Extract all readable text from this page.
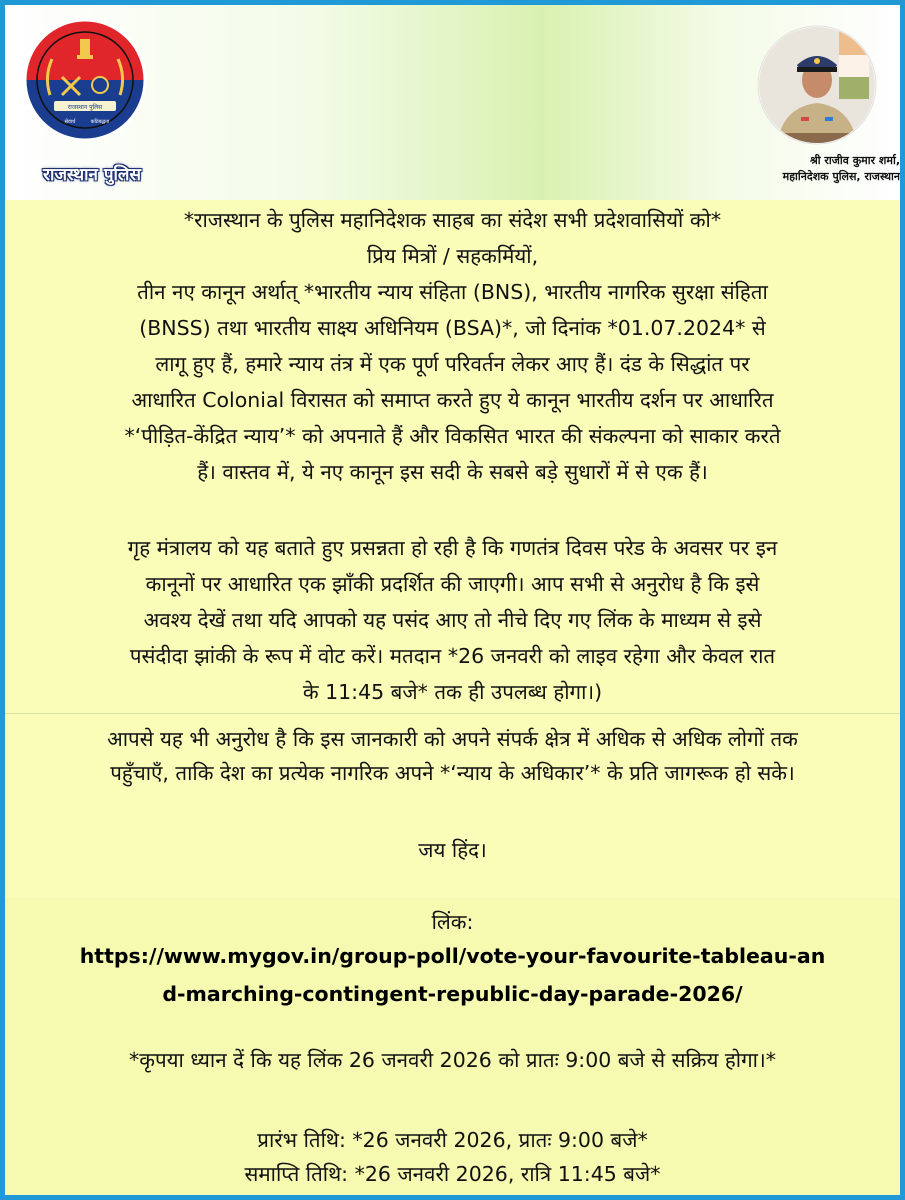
राजस्थान पुलिस
सेवार्थ	कटिबद्धता
राजस्थान पुलिस
श्री राजीव कुमार शर्मा,
महानिदेशक पुलिस, राजस्थान

*राजस्थान के पुलिस महानिदेशक साहब का संदेश सभी प्रदेशवासियों को*

प्रिय मित्रों / सहकर्मियों,

तीन नए कानून अर्थात् *भारतीय न्याय संहिता (BNS), भारतीय नागरिक सुरक्षा संहिता

(BNSS) तथा भारतीय साक्ष्य अधिनियम (BSA)*, जो दिनांक *01.07.2024* से

लागू हुए हैं, हमारे न्याय तंत्र में एक पूर्ण परिवर्तन लेकर आए हैं। दंड के सिद्धांत पर

आधारित Colonial विरासत को समाप्त करते हुए ये कानून भारतीय दर्शन पर आधारित

*‘पीड़ित-केंद्रित न्याय’* को अपनाते हैं और विकसित भारत की संकल्पना को साकार करते

हैं। वास्तव में, ये नए कानून इस सदी के सबसे बड़े सुधारों में से एक हैं।

गृह मंत्रालय को यह बताते हुए प्रसन्नता हो रही है कि गणतंत्र दिवस परेड के अवसर पर इन

कानूनों पर आधारित एक झाँकी प्रदर्शित की जाएगी। आप सभी से अनुरोध है कि इसे

अवश्य देखें तथा यदि आपको यह पसंद आए तो नीचे दिए गए लिंक के माध्यम से इसे

पसंदीदा झांकी के रूप में वोट करें। मतदान *26 जनवरी को लाइव रहेगा और केवल रात

के 11:45 बजे* तक ही उपलब्ध होगा।)

आपसे यह भी अनुरोध है कि इस जानकारी को अपने संपर्क क्षेत्र में अधिक से अधिक लोगों तक

पहुँचाएँ, ताकि देश का प्रत्येक नागरिक अपने *‘न्याय के अधिकार’* के प्रति जागरूक हो सके।

जय हिंद।
लिंक:
https://www.mygov.in/group-poll/vote-your-favourite-tableau-an
d-marching-contingent-republic-day-parade-2026/
*कृपया ध्यान दें कि यह लिंक 26 जनवरी 2026 को प्रातः 9:00 बजे से सक्रिय होगा।*
प्रारंभ तिथि: *26 जनवरी 2026, प्रातः 9:00 बजे*
समाप्ति तिथि: *26 जनवरी 2026, रात्रि 11:45 बजे*
